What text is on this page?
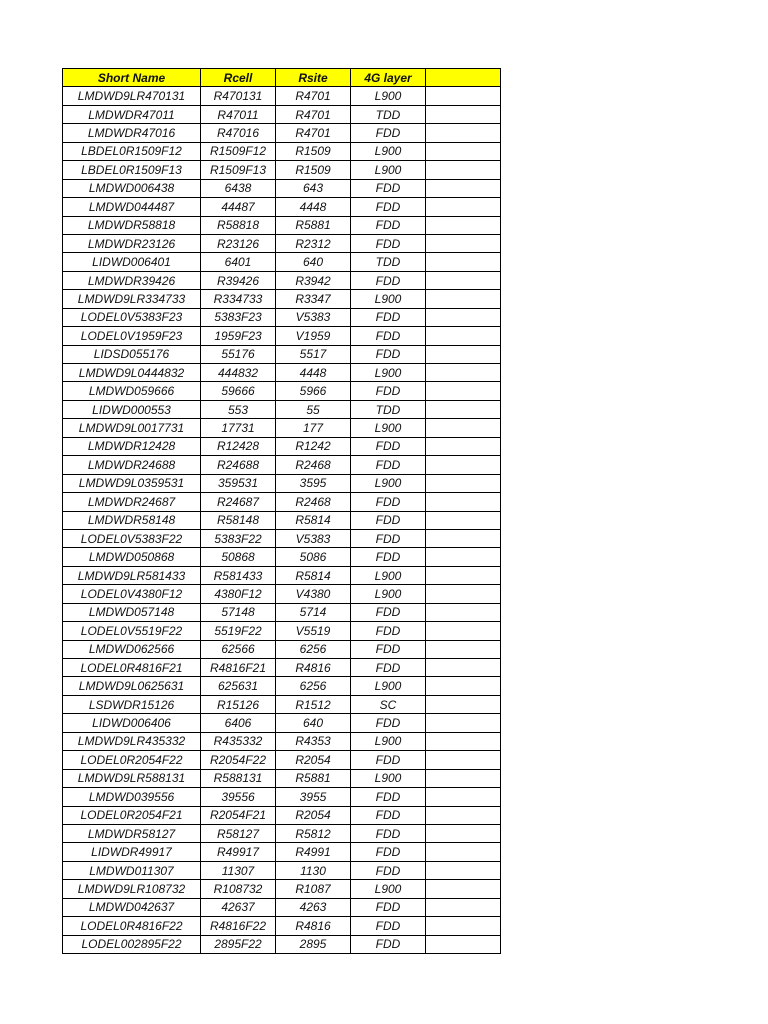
Short Name	Rcell	Rsite	4G layer	
LMDWD9LR470131	R470131	R4701	L900	
LMDWDR47011	R47011	R4701	TDD	
LMDWDR47016	R47016	R4701	FDD	
LBDEL0R1509F12	R1509F12	R1509	L900	
LBDEL0R1509F13	R1509F13	R1509	L900	
LMDWD006438	6438	643	FDD	
LMDWD044487	44487	4448	FDD	
LMDWDR58818	R58818	R5881	FDD	
LMDWDR23126	R23126	R2312	FDD	
LIDWD006401	6401	640	TDD	
LMDWDR39426	R39426	R3942	FDD	
LMDWD9LR334733	R334733	R3347	L900	
LODEL0V5383F23	5383F23	V5383	FDD	
LODEL0V1959F23	1959F23	V1959	FDD	
LIDSD055176	55176	5517	FDD	
LMDWD9L0444832	444832	4448	L900	
LMDWD059666	59666	5966	FDD	
LIDWD000553	553	55	TDD	
LMDWD9L0017731	17731	177	L900	
LMDWDR12428	R12428	R1242	FDD	
LMDWDR24688	R24688	R2468	FDD	
LMDWD9L0359531	359531	3595	L900	
LMDWDR24687	R24687	R2468	FDD	
LMDWDR58148	R58148	R5814	FDD	
LODEL0V5383F22	5383F22	V5383	FDD	
LMDWD050868	50868	5086	FDD	
LMDWD9LR581433	R581433	R5814	L900	
LODEL0V4380F12	4380F12	V4380	L900	
LMDWD057148	57148	5714	FDD	
LODEL0V5519F22	5519F22	V5519	FDD	
LMDWD062566	62566	6256	FDD	
LODEL0R4816F21	R4816F21	R4816	FDD	
LMDWD9L0625631	625631	6256	L900	
LSDWDR15126	R15126	R1512	SC	
LIDWD006406	6406	640	FDD	
LMDWD9LR435332	R435332	R4353	L900	
LODEL0R2054F22	R2054F22	R2054	FDD	
LMDWD9LR588131	R588131	R5881	L900	
LMDWD039556	39556	3955	FDD	
LODEL0R2054F21	R2054F21	R2054	FDD	
LMDWDR58127	R58127	R5812	FDD	
LIDWDR49917	R49917	R4991	FDD	
LMDWD011307	11307	1130	FDD	
LMDWD9LR108732	R108732	R1087	L900	
LMDWD042637	42637	4263	FDD	
LODEL0R4816F22	R4816F22	R4816	FDD	
LODEL002895F22	2895F22	2895	FDD	
